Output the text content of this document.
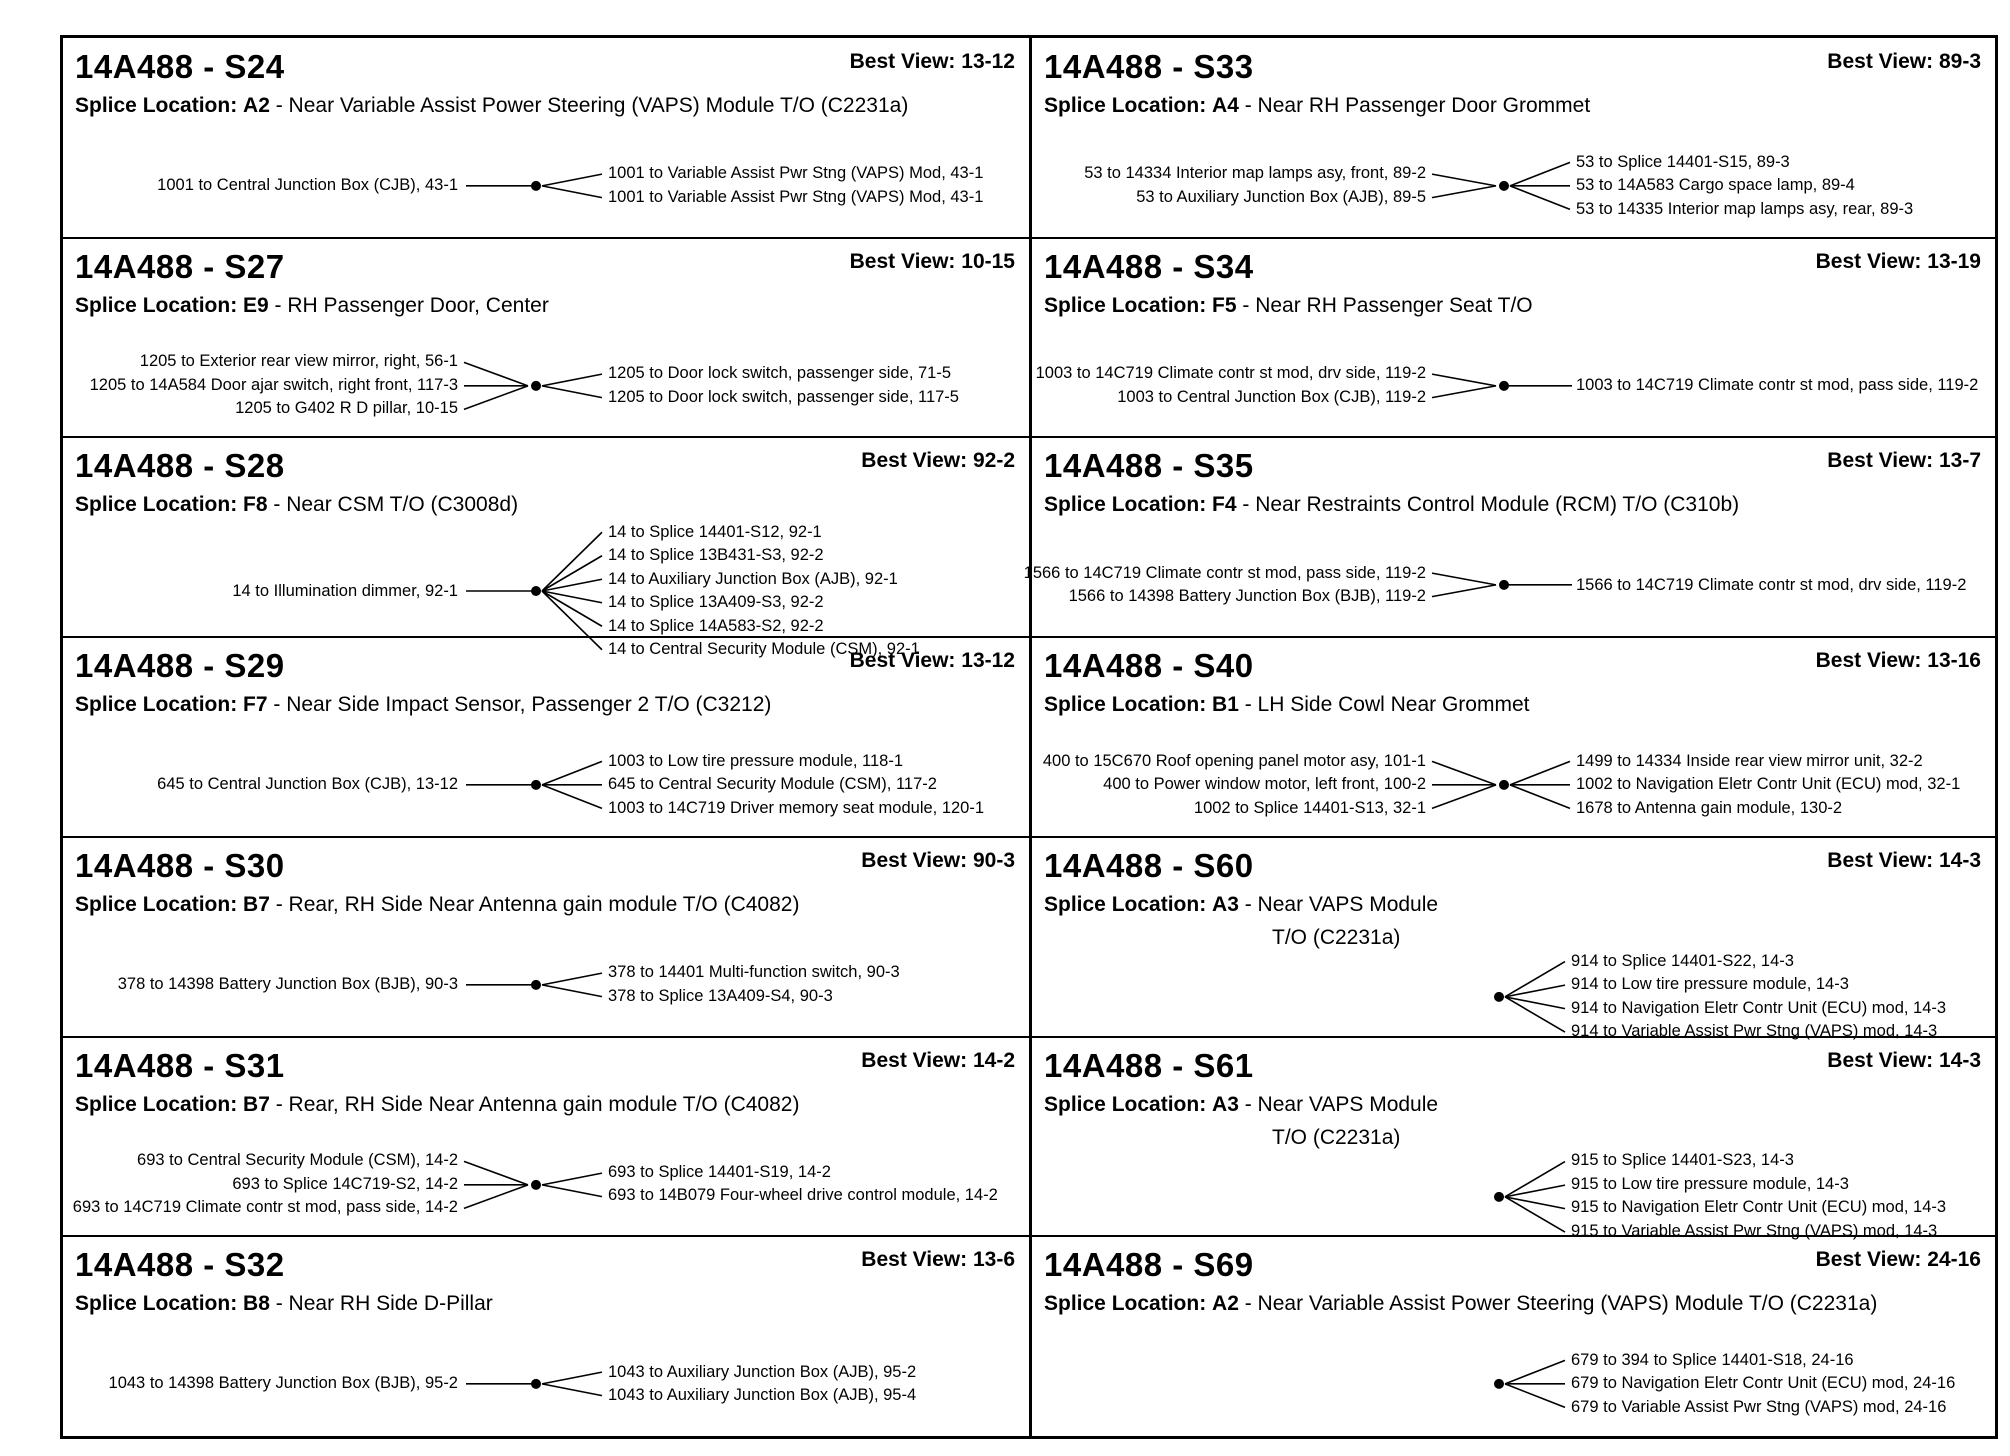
14A488 - S24	Best View: 13-12
Splice Location: A2 - Near Variable Assist Power Steering (VAPS) Module T/O (C2231a)
1001 to Central Junction Box (CJB), 43-1
1001 to Variable Assist Pwr Stng (VAPS) Mod, 43-1
1001 to Variable Assist Pwr Stng (VAPS) Mod, 43-1
14A488 - S33	Best View: 89-3
Splice Location: A4 - Near RH Passenger Door Grommet
53 to 14334 Interior map lamps asy, front, 89-2
53 to Auxiliary Junction Box (AJB), 89-5
53 to Splice 14401-S15, 89-3
53 to 14A583 Cargo space lamp, 89-4
53 to 14335 Interior map lamps asy, rear, 89-3
14A488 - S27	Best View: 10-15
Splice Location: E9 - RH Passenger Door, Center
1205 to Exterior rear view mirror, right, 56-1
1205 to 14A584 Door ajar switch, right front, 117-3
1205 to G402 R D pillar, 10-15
1205 to Door lock switch, passenger side, 71-5
1205 to Door lock switch, passenger side, 117-5
14A488 - S34	Best View: 13-19
Splice Location: F5 - Near RH Passenger Seat T/O
1003 to 14C719 Climate contr st mod, drv side, 119-2
1003 to Central Junction Box (CJB), 119-2
1003 to 14C719 Climate contr st mod, pass side, 119-2
14A488 - S28	Best View: 92-2
Splice Location: F8 - Near CSM T/O (C3008d)
14 to Illumination dimmer, 92-1
14 to Splice 14401-S12, 92-1
14 to Splice 13B431-S3, 92-2
14 to Auxiliary Junction Box (AJB), 92-1
14 to Splice 13A409-S3, 92-2
14 to Splice 14A583-S2, 92-2
14 to Central Security Module (CSM), 92-1
14A488 - S35	Best View: 13-7
Splice Location: F4 - Near Restraints Control Module (RCM) T/O (C310b)
1566 to 14C719 Climate contr st mod, pass side, 119-2
1566 to 14398 Battery Junction Box (BJB), 119-2
1566 to 14C719 Climate contr st mod, drv side, 119-2
14A488 - S29	Best View: 13-12
Splice Location: F7 - Near Side Impact Sensor, Passenger 2 T/O (C3212)
645 to Central Junction Box (CJB), 13-12
1003 to Low tire pressure module, 118-1
645 to Central Security Module (CSM), 117-2
1003 to 14C719 Driver memory seat module, 120-1
14A488 - S40	Best View: 13-16
Splice Location: B1 - LH Side Cowl Near Grommet
400 to 15C670 Roof opening panel motor asy, 101-1
400 to Power window motor, left front, 100-2
1002 to Splice 14401-S13, 32-1
1499 to 14334 Inside rear view mirror unit, 32-2
1002 to Navigation Eletr Contr Unit (ECU) mod, 32-1
1678 to Antenna gain module, 130-2
14A488 - S30	Best View: 90-3
Splice Location: B7 - Rear, RH Side Near Antenna gain module T/O (C4082)
378 to 14398 Battery Junction Box (BJB), 90-3
378 to 14401 Multi-function switch, 90-3
378 to Splice 13A409-S4, 90-3
14A488 - S60	Best View: 14-3
Splice Location: A3 - Near VAPS Module
T/O (C2231a)
914 to Splice 14401-S22, 14-3
914 to Low tire pressure module, 14-3
914 to Navigation Eletr Contr Unit (ECU) mod, 14-3
914 to Variable Assist Pwr Stng (VAPS) mod, 14-3
14A488 - S31	Best View: 14-2
Splice Location: B7 - Rear, RH Side Near Antenna gain module T/O (C4082)
693 to Central Security Module (CSM), 14-2
693 to Splice 14C719-S2, 14-2
693 to 14C719 Climate contr st mod, pass side, 14-2
693 to Splice 14401-S19, 14-2
693 to 14B079 Four-wheel drive control module, 14-2
14A488 - S61	Best View: 14-3
Splice Location: A3 - Near VAPS Module
T/O (C2231a)
915 to Splice 14401-S23, 14-3
915 to Low tire pressure module, 14-3
915 to Navigation Eletr Contr Unit (ECU) mod, 14-3
915 to Variable Assist Pwr Stng (VAPS) mod, 14-3
14A488 - S32	Best View: 13-6
Splice Location: B8 - Near RH Side D-Pillar
1043 to 14398 Battery Junction Box (BJB), 95-2
1043 to Auxiliary Junction Box (AJB), 95-2
1043 to Auxiliary Junction Box (AJB), 95-4
14A488 - S69	Best View: 24-16
Splice Location: A2 - Near Variable Assist Power Steering (VAPS) Module T/O (C2231a)
679 to 394 to Splice 14401-S18, 24-16
679 to Navigation Eletr Contr Unit (ECU) mod, 24-16
679 to Variable Assist Pwr Stng (VAPS) mod, 24-16
